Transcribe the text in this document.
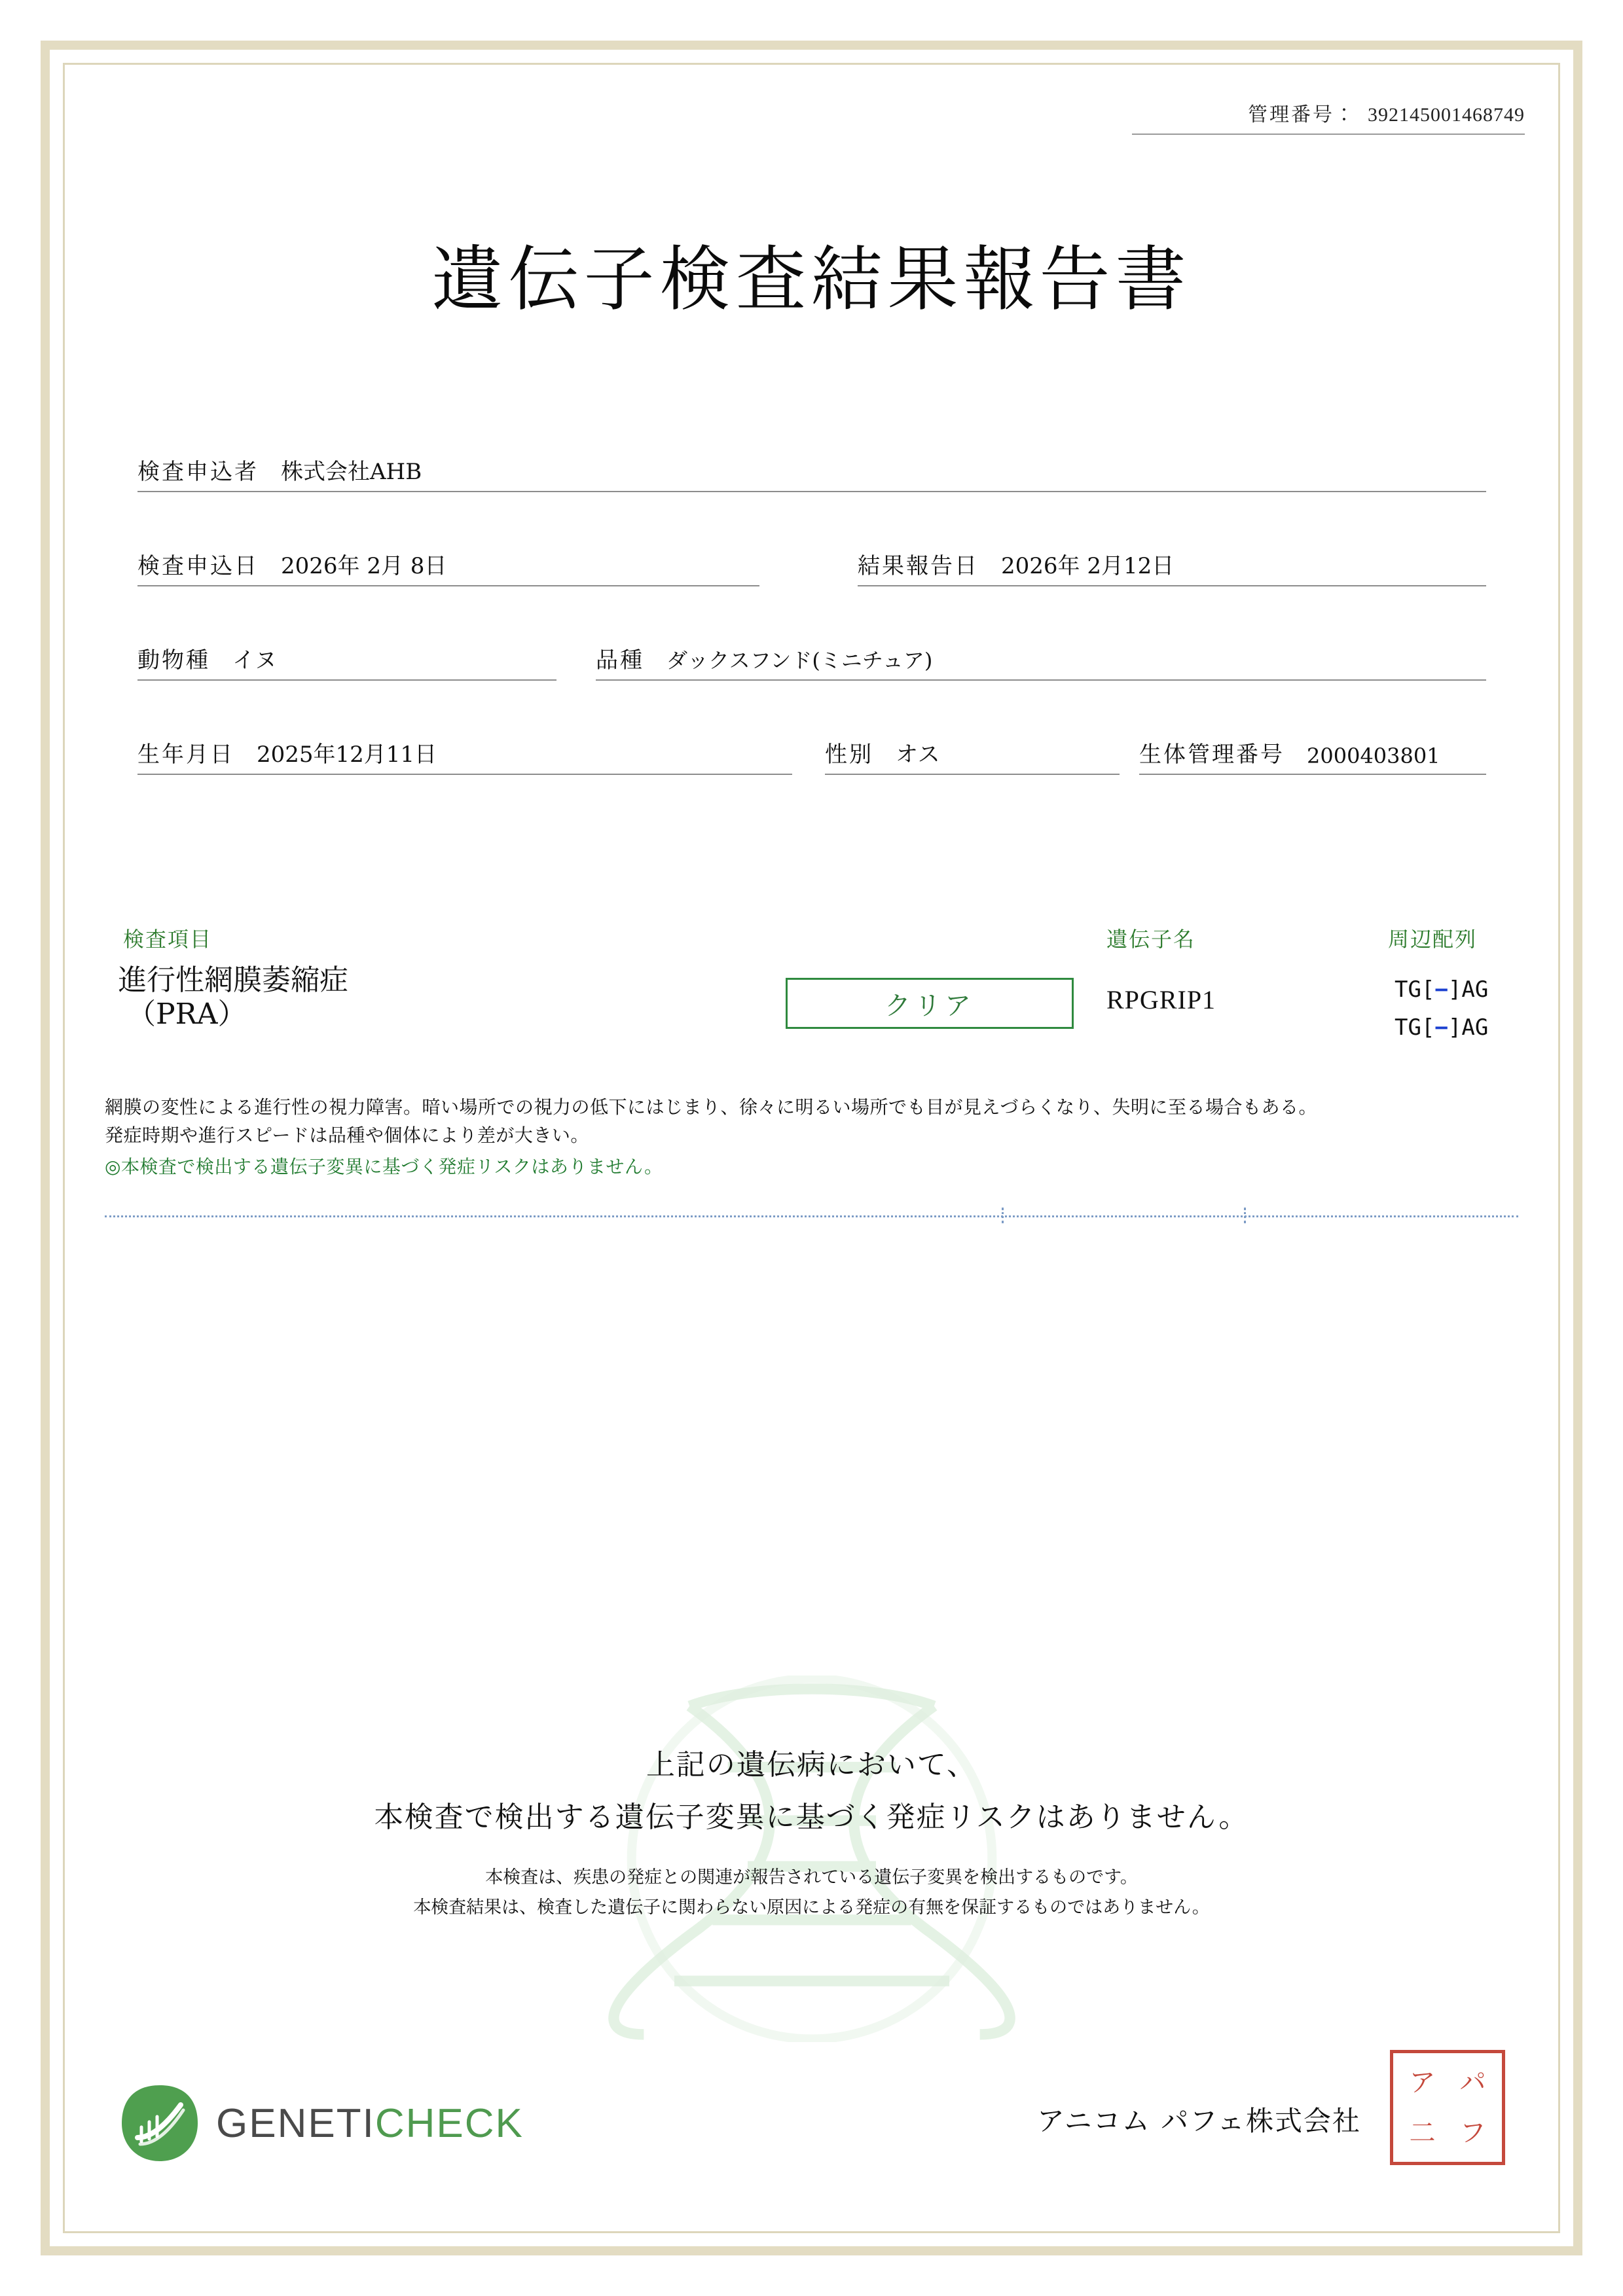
管理番号： 392145001468749
遺伝子検査結果報告書
検査申込者 株式会社AHB
検査申込日 2026年 2月 8日	結果報告日 2026年 2月12日
動物種 イヌ	品種 ダックスフンド(ミニチュア)
生年月日 2025年12月11日	性別 オス	生体管理番号 2000403801
検査項目	遺伝子名	周辺配列
進行性網膜萎縮症
（PRA）	クリア	RPGRIP1	TG[−]AG
TG[−]AG
網膜の変性による進行性の視力障害。暗い場所での視力の低下にはじまり、徐々に明るい場所でも目が見えづらくなり、失明に至る場合もある。
発症時期や進行スピードは品種や個体により差が大きい。
◎本検査で検出する遺伝子変異に基づく発症リスクはありません。
上記の遺伝病において、
本検査で検出する遺伝子変異に基づく発症リスクはありません。
本検査は、疾患の発症との関連が報告されている遺伝子変異を検出するものです。
本検査結果は、検査した遺伝子に関わらない原因による発症の有無を保証するものではありません。
GENETICHECK	アニコム パフェ株式会社
ア パ
二 フ
